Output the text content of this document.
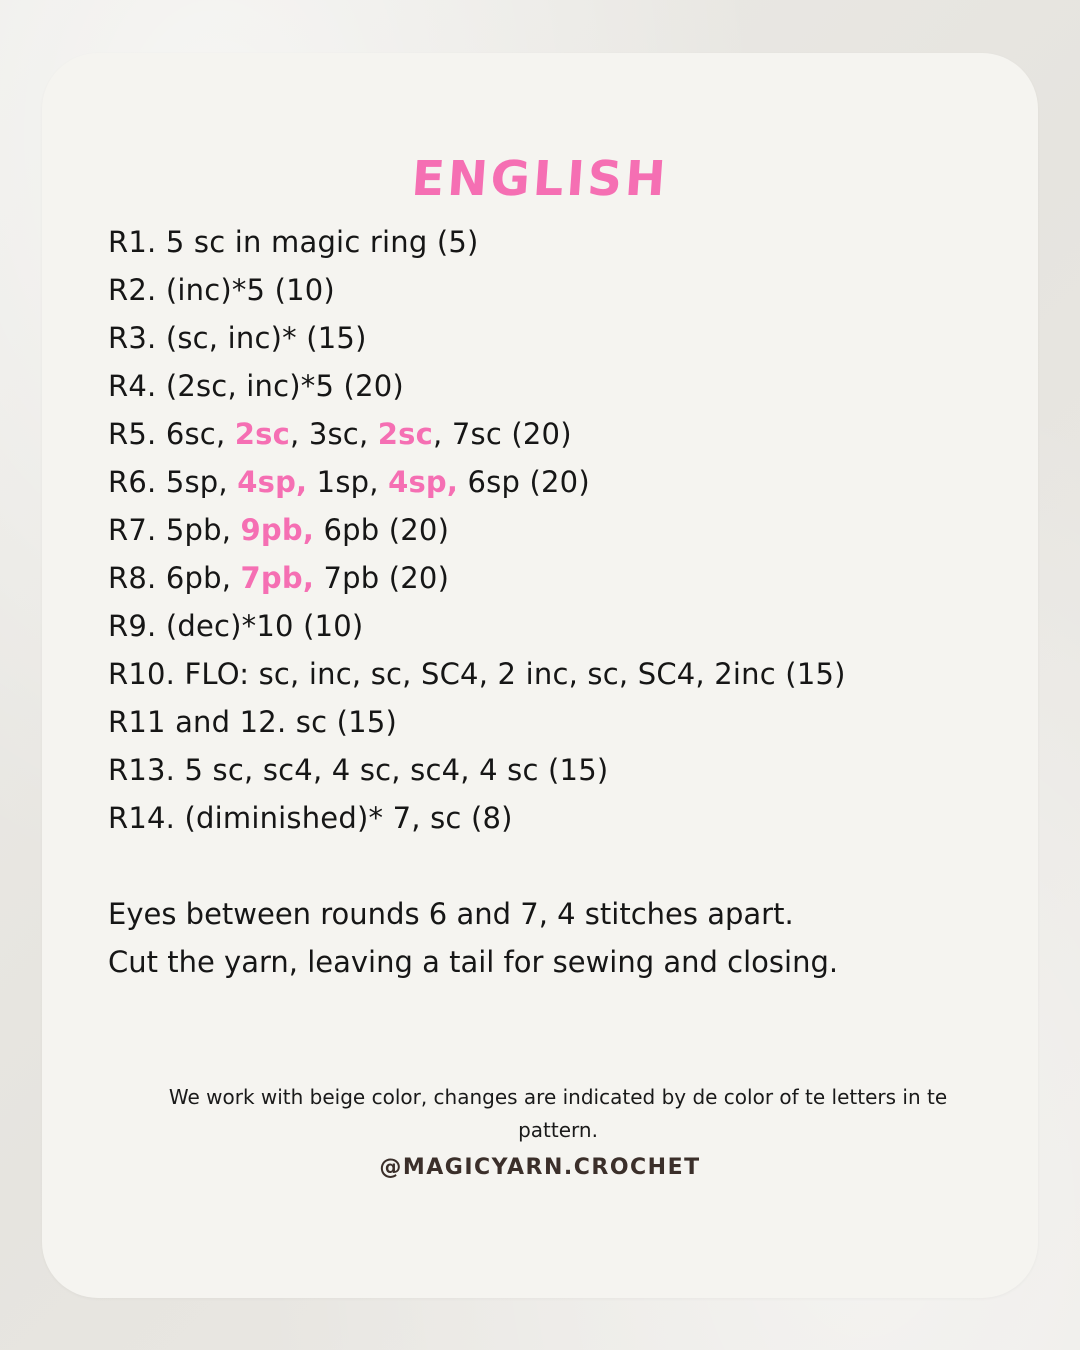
ENGLISH
R1. 5 sc in magic ring (5)
R2. (inc)*5 (10)
R3. (sc, inc)* (15)
R4. (2sc, inc)*5 (20)
R5. 6sc, 2sc, 3sc, 2sc, 7sc (20)
R6. 5sp, 4sp, 1sp, 4sp, 6sp (20)
R7. 5pb, 9pb, 6pb (20)
R8. 6pb, 7pb, 7pb (20)
R9. (dec)*10 (10)
R10. FLO: sc, inc, sc, SC4, 2 inc, sc, SC4, 2inc (15)
R11 and 12. sc (15)
R13. 5 sc, sc4, 4 sc, sc4, 4 sc (15)
R14. (diminished)* 7, sc (8)
Eyes between rounds 6 and 7, 4 stitches apart.
Cut the yarn, leaving a tail for sewing and closing.

We work with beige color, changes are indicated by de color of te letters in te pattern.

@MAGICYARN.CROCHET
